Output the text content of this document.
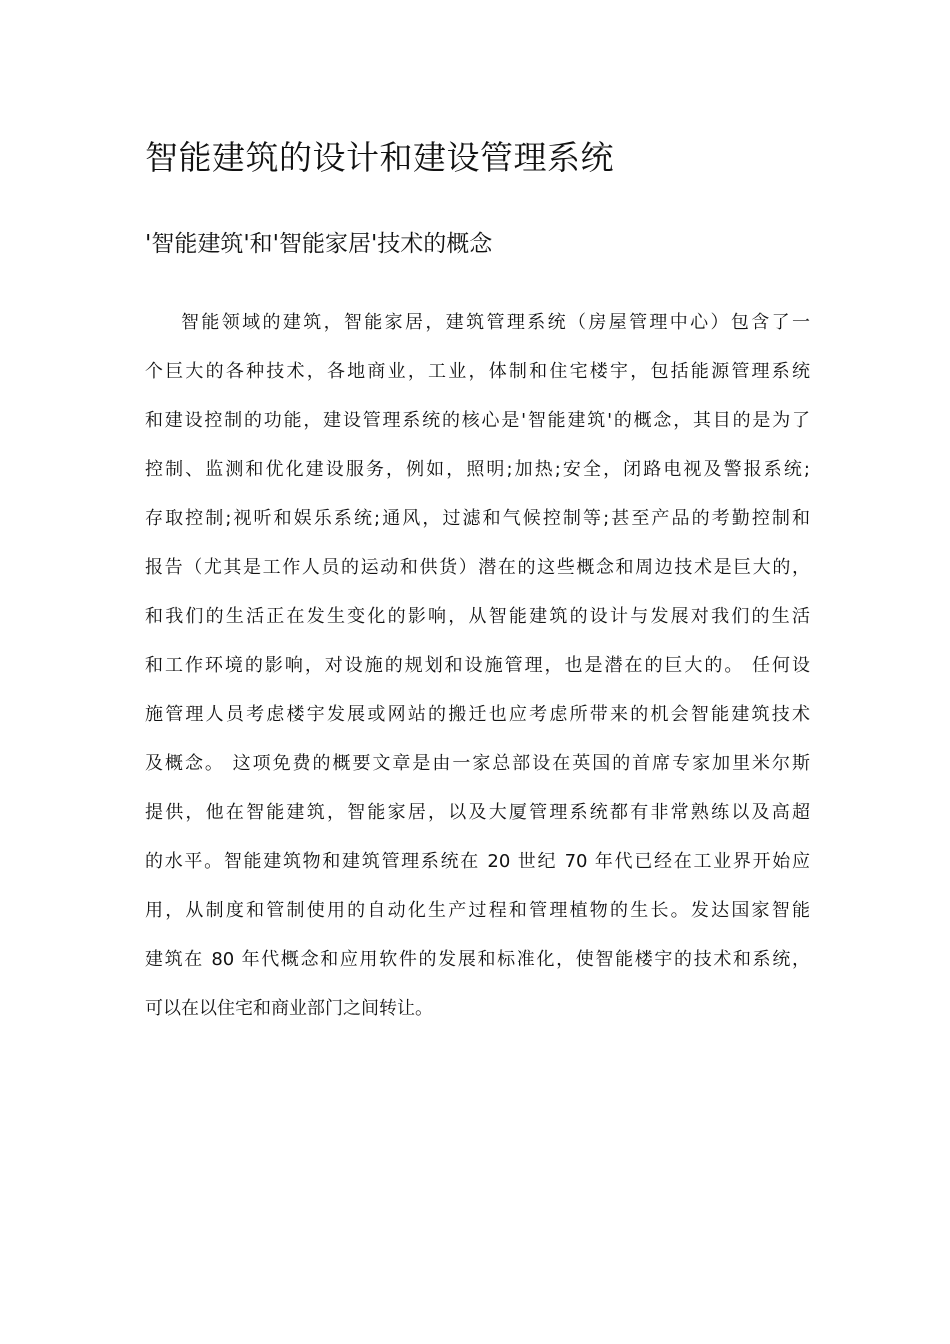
智能建筑的设计和建设管理系统
'智能建筑'和'智能家居'技术的概念
智能领域的建筑，智能家居，建筑管理系统（房屋管理中心）包含了一
个巨大的各种技术，各地商业，工业，体制和住宅楼宇，包括能源管理系统
和建设控制的功能，建设管理系统的核心是'智能建筑'的概念，其目的是为了
控制、监测和优化建设服务，例如，照明;加热;安全，闭路电视及警报系统;
存取控制;视听和娱乐系统;通风，过滤和气候控制等;甚至产品的考勤控制和
报告（尤其是工作人员的运动和供货）潜在的这些概念和周边技术是巨大的，
和我们的生活正在发生变化的影响，从智能建筑的设计与发展对我们的生活
和工作环境的影响，对设施的规划和设施管理，也是潜在的巨大的。 任何设
施管理人员考虑楼宇发展或网站的搬迁也应考虑所带来的机会智能建筑技术
及概念。 这项免费的概要文章是由一家总部设在英国的首席专家加里米尔斯
提供，他在智能建筑，智能家居，以及大厦管理系统都有非常熟练以及高超
的水平。智能建筑物和建筑管理系统在 20 世纪 70 年代已经在工业界开始应
用，从制度和管制使用的自动化生产过程和管理植物的生长。发达国家智能
建筑在 80 年代概念和应用软件的发展和标准化，使智能楼宇的技术和系统，
可以在以住宅和商业部门之间转让。
